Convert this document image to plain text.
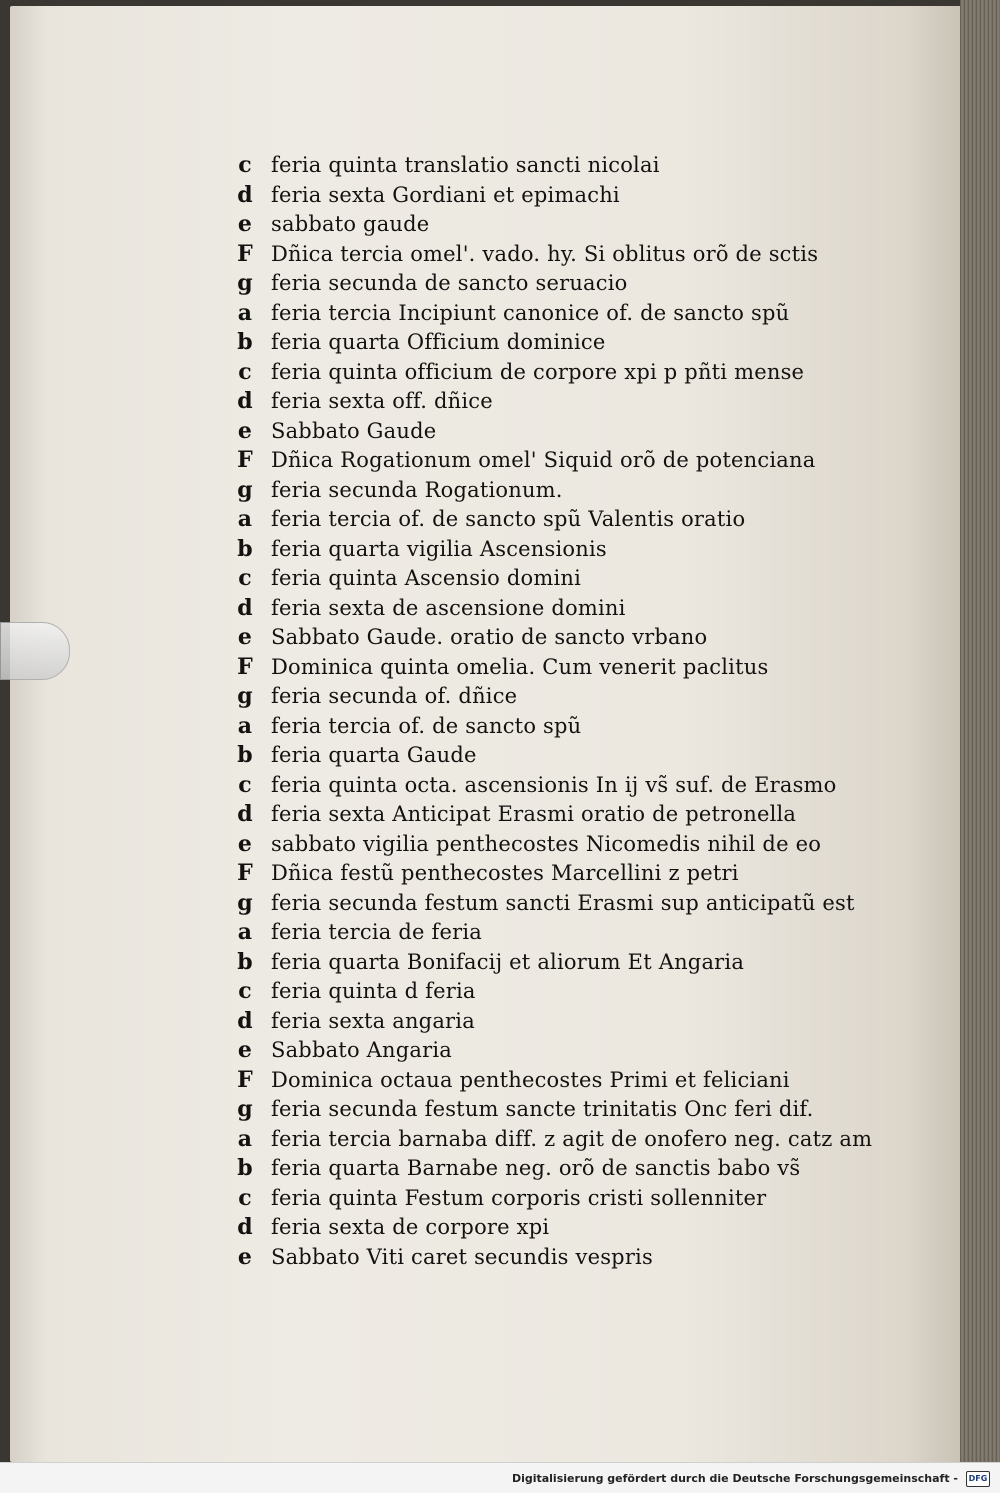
c feria quinta translatio sancti nicolai
d feria sexta Gordiani et epimachi
e sabbato gaude
F Dñica tercia omel'. vado. hy. Si oblitus orõ de sctis
g feria secunda de sancto seruacio
a feria tercia Incipiunt canonice of. de sancto spũ
b feria quarta Officium dominice
c feria quinta officium de corpore xpi p pñti mense
d feria sexta off. dñice
e Sabbato Gaude
F Dñica Rogationum omel' Siquid orõ de potenciana
g feria secunda Rogationum.
a feria tercia of. de sancto spũ Valentis oratio
b feria quarta vigilia Ascensionis
c feria quinta Ascensio domini
d feria sexta de ascensione domini
e Sabbato Gaude. oratio de sancto vrbano
F Dominica quinta omelia. Cum venerit paclitus
g feria secunda of. dñice
a feria tercia of. de sancto spũ
b feria quarta Gaude
c feria quinta octa. ascensionis In ij vs̃ suf. de Erasmo
d feria sexta Anticipat Erasmi oratio de petronella
e sabbato vigilia penthecostes Nicomedis nihil de eo
F Dñica festũ penthecostes Marcellini z petri
g feria secunda festum sancti Erasmi sup anticipatũ est
a feria tercia de feria
b feria quarta Bonifacij et aliorum Et Angaria
c feria quinta d feria
d feria sexta angaria
e Sabbato Angaria
F Dominica octaua penthecostes Primi et feliciani
g feria secunda festum sancte trinitatis Onc feri dif.
a feria tercia barnaba diff. z agit de onofero neg. catz am
b feria quarta Barnabe neg. orõ de sanctis babo vs̃
c feria quinta Festum corporis cristi sollenniter
d feria sexta de corpore xpi
e Sabbato Viti caret secundis vespris
Digitalisierung gefördert durch die Deutsche Forschungsgemeinschaft -	DFG
